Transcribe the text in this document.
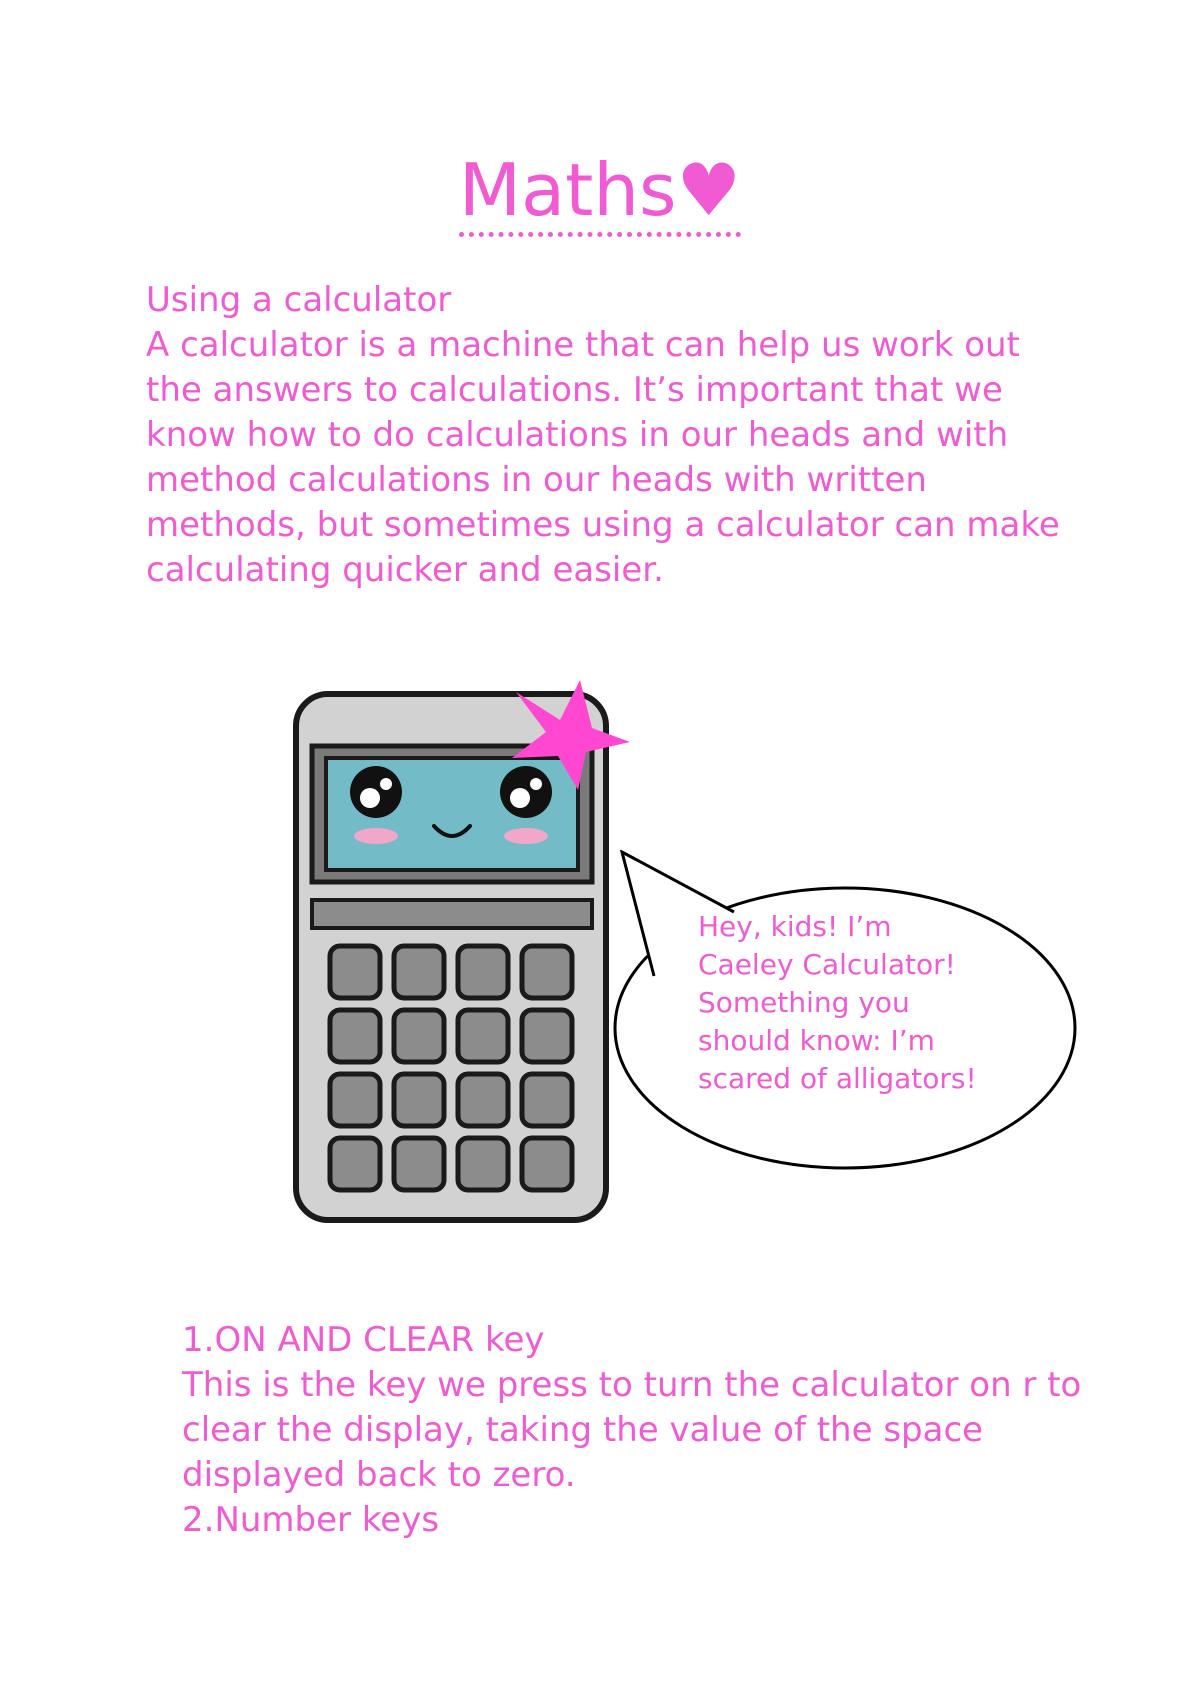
Maths♥

Using a calculator

A calculator is a machine that can help us work out the answers to calculations. It’s important that we know how to do calculations in our heads and with method calculations in our heads with written methods, but sometimes using a calculator can make calculating quicker and easier.

Hey, kids! I’m Caeley Calculator! Something you should know: I’m scared of alligators!

1.ON AND CLEAR key

This is the key we press to turn the calculator on r to clear the display, taking the value of the space displayed back to zero.

2.Number keys
